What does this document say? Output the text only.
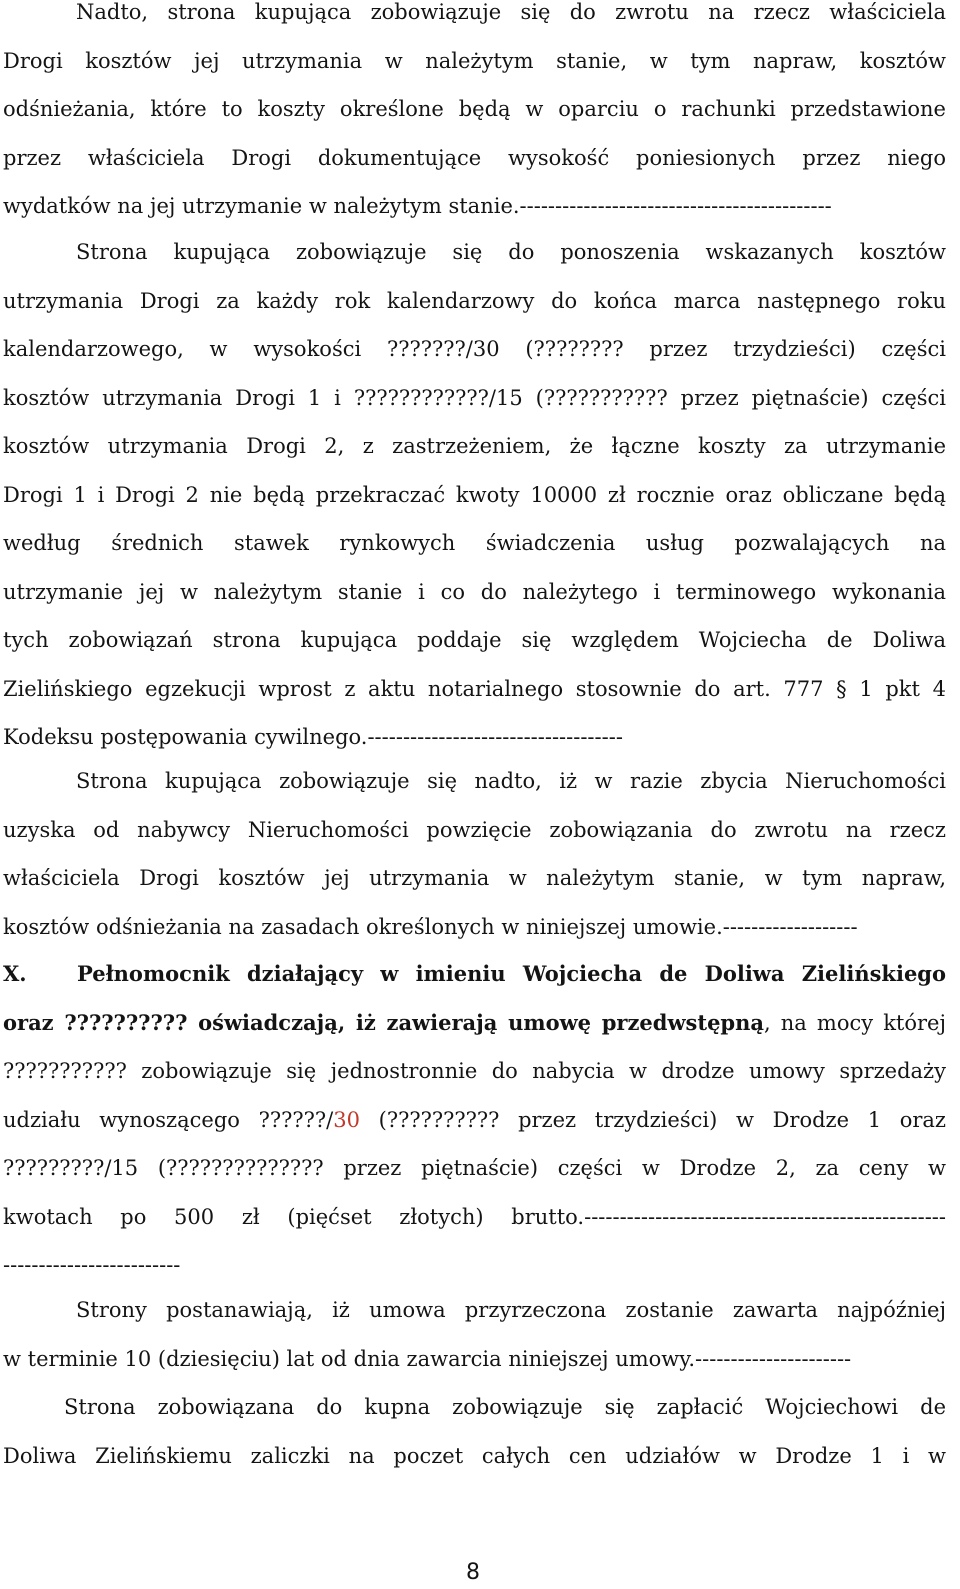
Nadto, strona kupująca zobowiązuje się do zwrotu na rzecz właściciela
Drogi kosztów jej utrzymania w należytym stanie, w tym napraw, kosztów
odśnieżania, które to koszty określone będą w oparciu o rachunki przedstawione
przez właściciela Drogi dokumentujące wysokość poniesionych przez niego
wydatków na jej utrzymanie w należytym stanie.--------------------------------------------
Strona kupująca zobowiązuje się do ponoszenia wskazanych kosztów
utrzymania Drogi za każdy rok kalendarzowy do końca marca następnego roku
kalendarzowego, w wysokości ???????/30 (???????? przez trzydzieści) części
kosztów utrzymania Drogi 1 i ????????????/15 (??????????? przez piętnaście) części
kosztów utrzymania Drogi 2, z zastrzeżeniem, że łączne koszty za utrzymanie
Drogi 1 i Drogi 2 nie będą przekraczać kwoty 10000 zł rocznie oraz obliczane będą
według średnich stawek rynkowych świadczenia usług pozwalających na
utrzymanie jej w należytym stanie i co do należytego i terminowego wykonania
tych zobowiązań strona kupująca poddaje się względem Wojciecha de Doliwa
Zielińskiego egzekucji wprost z aktu notarialnego stosownie do art. 777 § 1 pkt 4
Kodeksu postępowania cywilnego.------------------------------------
Strona kupująca zobowiązuje się nadto, iż w razie zbycia Nieruchomości
uzyska od nabywcy Nieruchomości powzięcie zobowiązania do zwrotu na rzecz
właściciela Drogi kosztów jej utrzymania w należytym stanie, w tym napraw,
kosztów odśnieżania na zasadach określonych w niniejszej umowie.-------------------
X. Pełnomocnik działający w imieniu Wojciecha de Doliwa Zielińskiego
oraz ?????????? oświadczają, iż zawierają umowę przedwstępną, na mocy której
??????????? zobowiązuje się jednostronnie do nabycia w drodze umowy sprzedaży
udziału wynoszącego ??????/30 (?????????? przez trzydzieści) w Drodze 1 oraz
?????????/15 (?????????????? przez piętnaście) części w Drodze 2, za ceny w
kwotach po 500 zł (pięćset złotych) brutto.---------------------------------------------------
-------------------------
Strony postanawiają, iż umowa przyrzeczona zostanie zawarta najpóźniej
w terminie 10 (dziesięciu) lat od dnia zawarcia niniejszej umowy.----------------------
Strona zobowiązana do kupna zobowiązuje się zapłacić Wojciechowi de
Doliwa Zielińskiemu zaliczki na poczet całych cen udziałów w Drodze 1 i w
8
